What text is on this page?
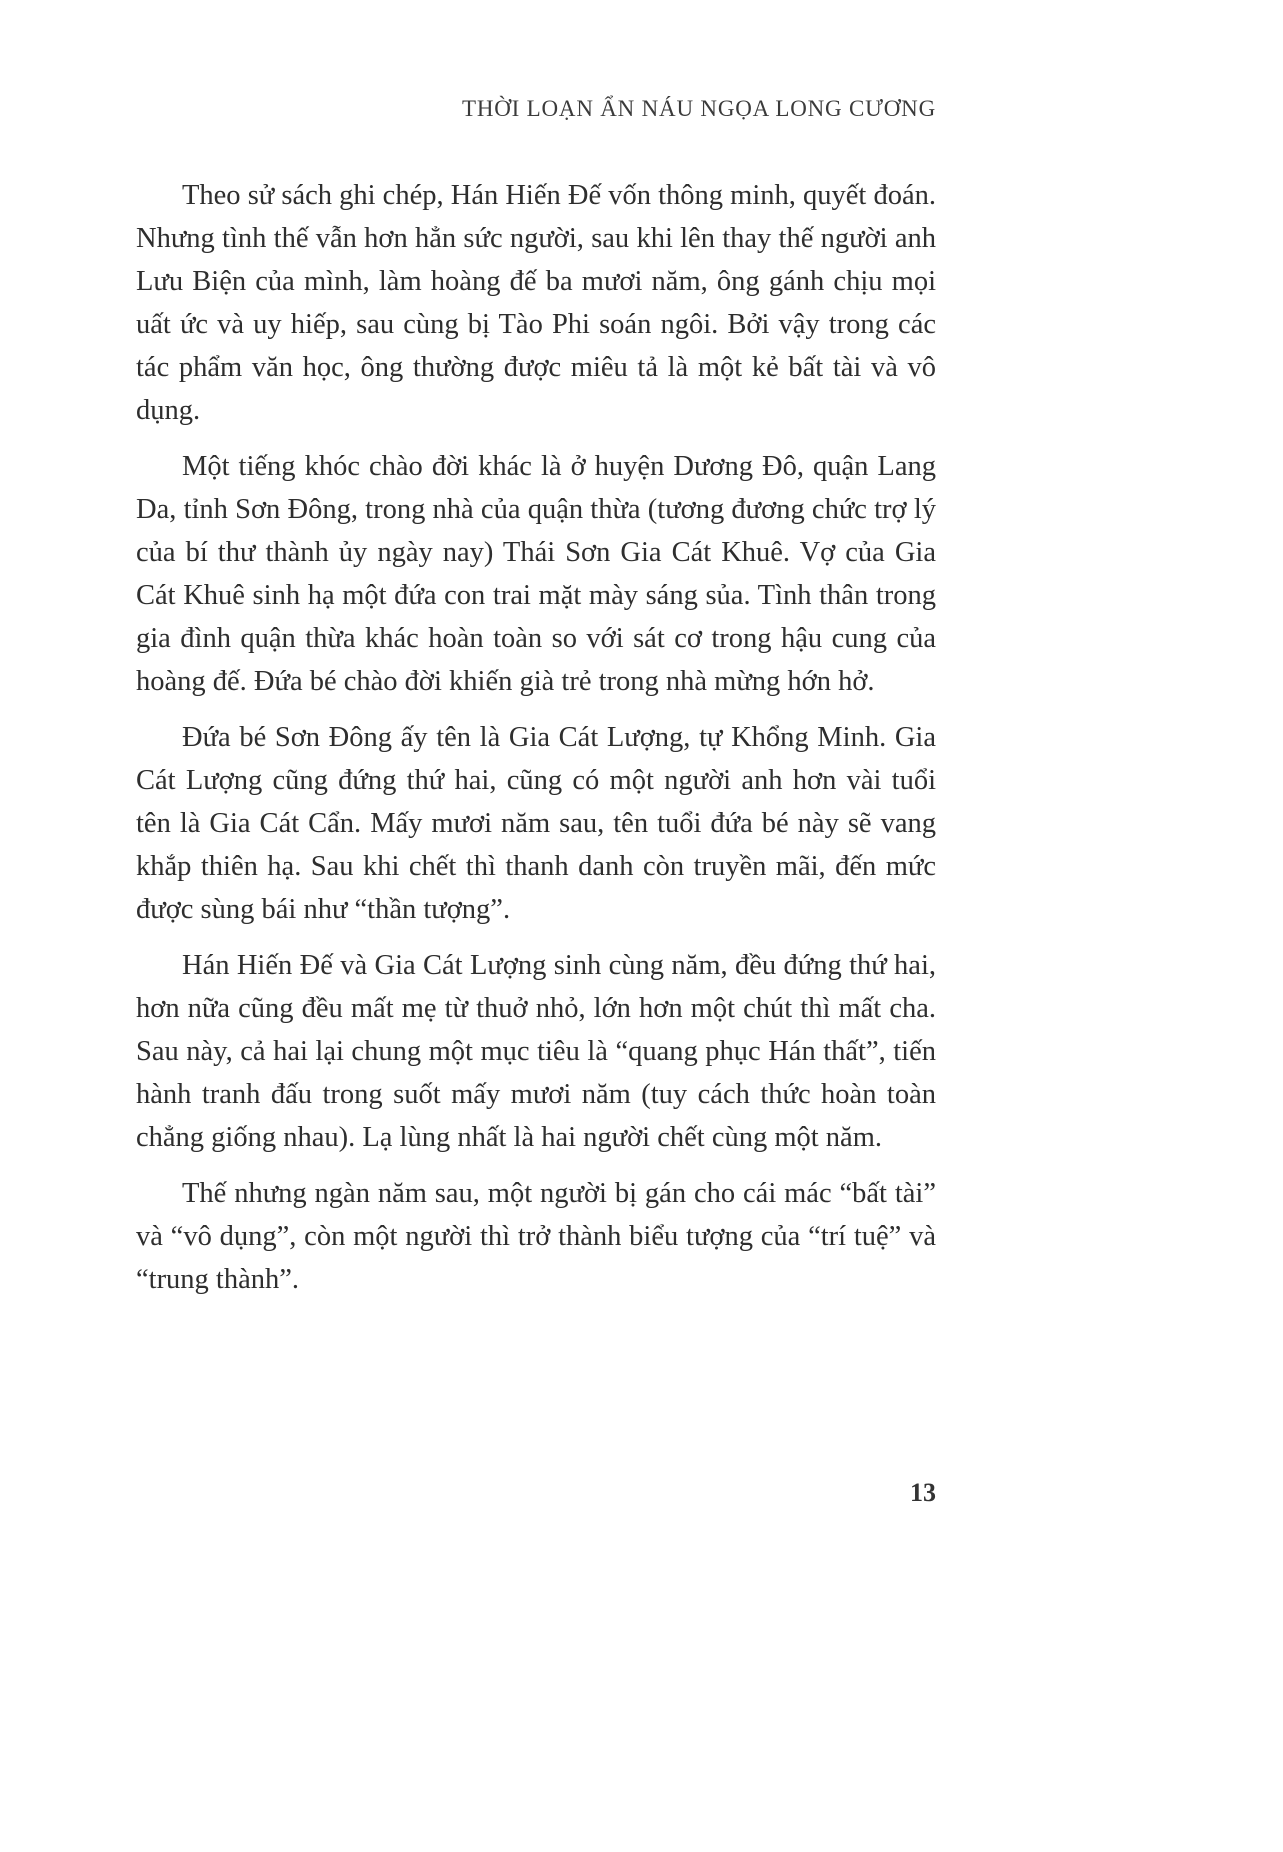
THỜI LOẠN ẨN NÁU NGỌA LONG CƯƠNG

Theo sử sách ghi chép, Hán Hiến Đế vốn thông minh, quyết đoán. Nhưng tình thế vẫn hơn hẳn sức người, sau khi lên thay thế người anh Lưu Biện của mình, làm hoàng đế ba mươi năm, ông gánh chịu mọi uất ức và uy hiếp, sau cùng bị Tào Phi soán ngôi. Bởi vậy trong các tác phẩm văn học, ông thường được miêu tả là một kẻ bất tài và vô dụng.

Một tiếng khóc chào đời khác là ở huyện Dương Đô, quận Lang Da, tỉnh Sơn Đông, trong nhà của quận thừa (tương đương chức trợ lý của bí thư thành ủy ngày nay) Thái Sơn Gia Cát Khuê. Vợ của Gia Cát Khuê sinh hạ một đứa con trai mặt mày sáng sủa. Tình thân trong gia đình quận thừa khác hoàn toàn so với sát cơ trong hậu cung của hoàng đế. Đứa bé chào đời khiến già trẻ trong nhà mừng hớn hở.

Đứa bé Sơn Đông ấy tên là Gia Cát Lượng, tự Khổng Minh. Gia Cát Lượng cũng đứng thứ hai, cũng có một người anh hơn vài tuổi tên là Gia Cát Cẩn. Mấy mươi năm sau, tên tuổi đứa bé này sẽ vang khắp thiên hạ. Sau khi chết thì thanh danh còn truyền mãi, đến mức được sùng bái như “thần tượng”.

Hán Hiến Đế và Gia Cát Lượng sinh cùng năm, đều đứng thứ hai, hơn nữa cũng đều mất mẹ từ thuở nhỏ, lớn hơn một chút thì mất cha. Sau này, cả hai lại chung một mục tiêu là “quang phục Hán thất”, tiến hành tranh đấu trong suốt mấy mươi năm (tuy cách thức hoàn toàn chẳng giống nhau). Lạ lùng nhất là hai người chết cùng một năm.

Thế nhưng ngàn năm sau, một người bị gán cho cái mác “bất tài” và “vô dụng”, còn một người thì trở thành biểu tượng của “trí tuệ” và “trung thành”.

13
